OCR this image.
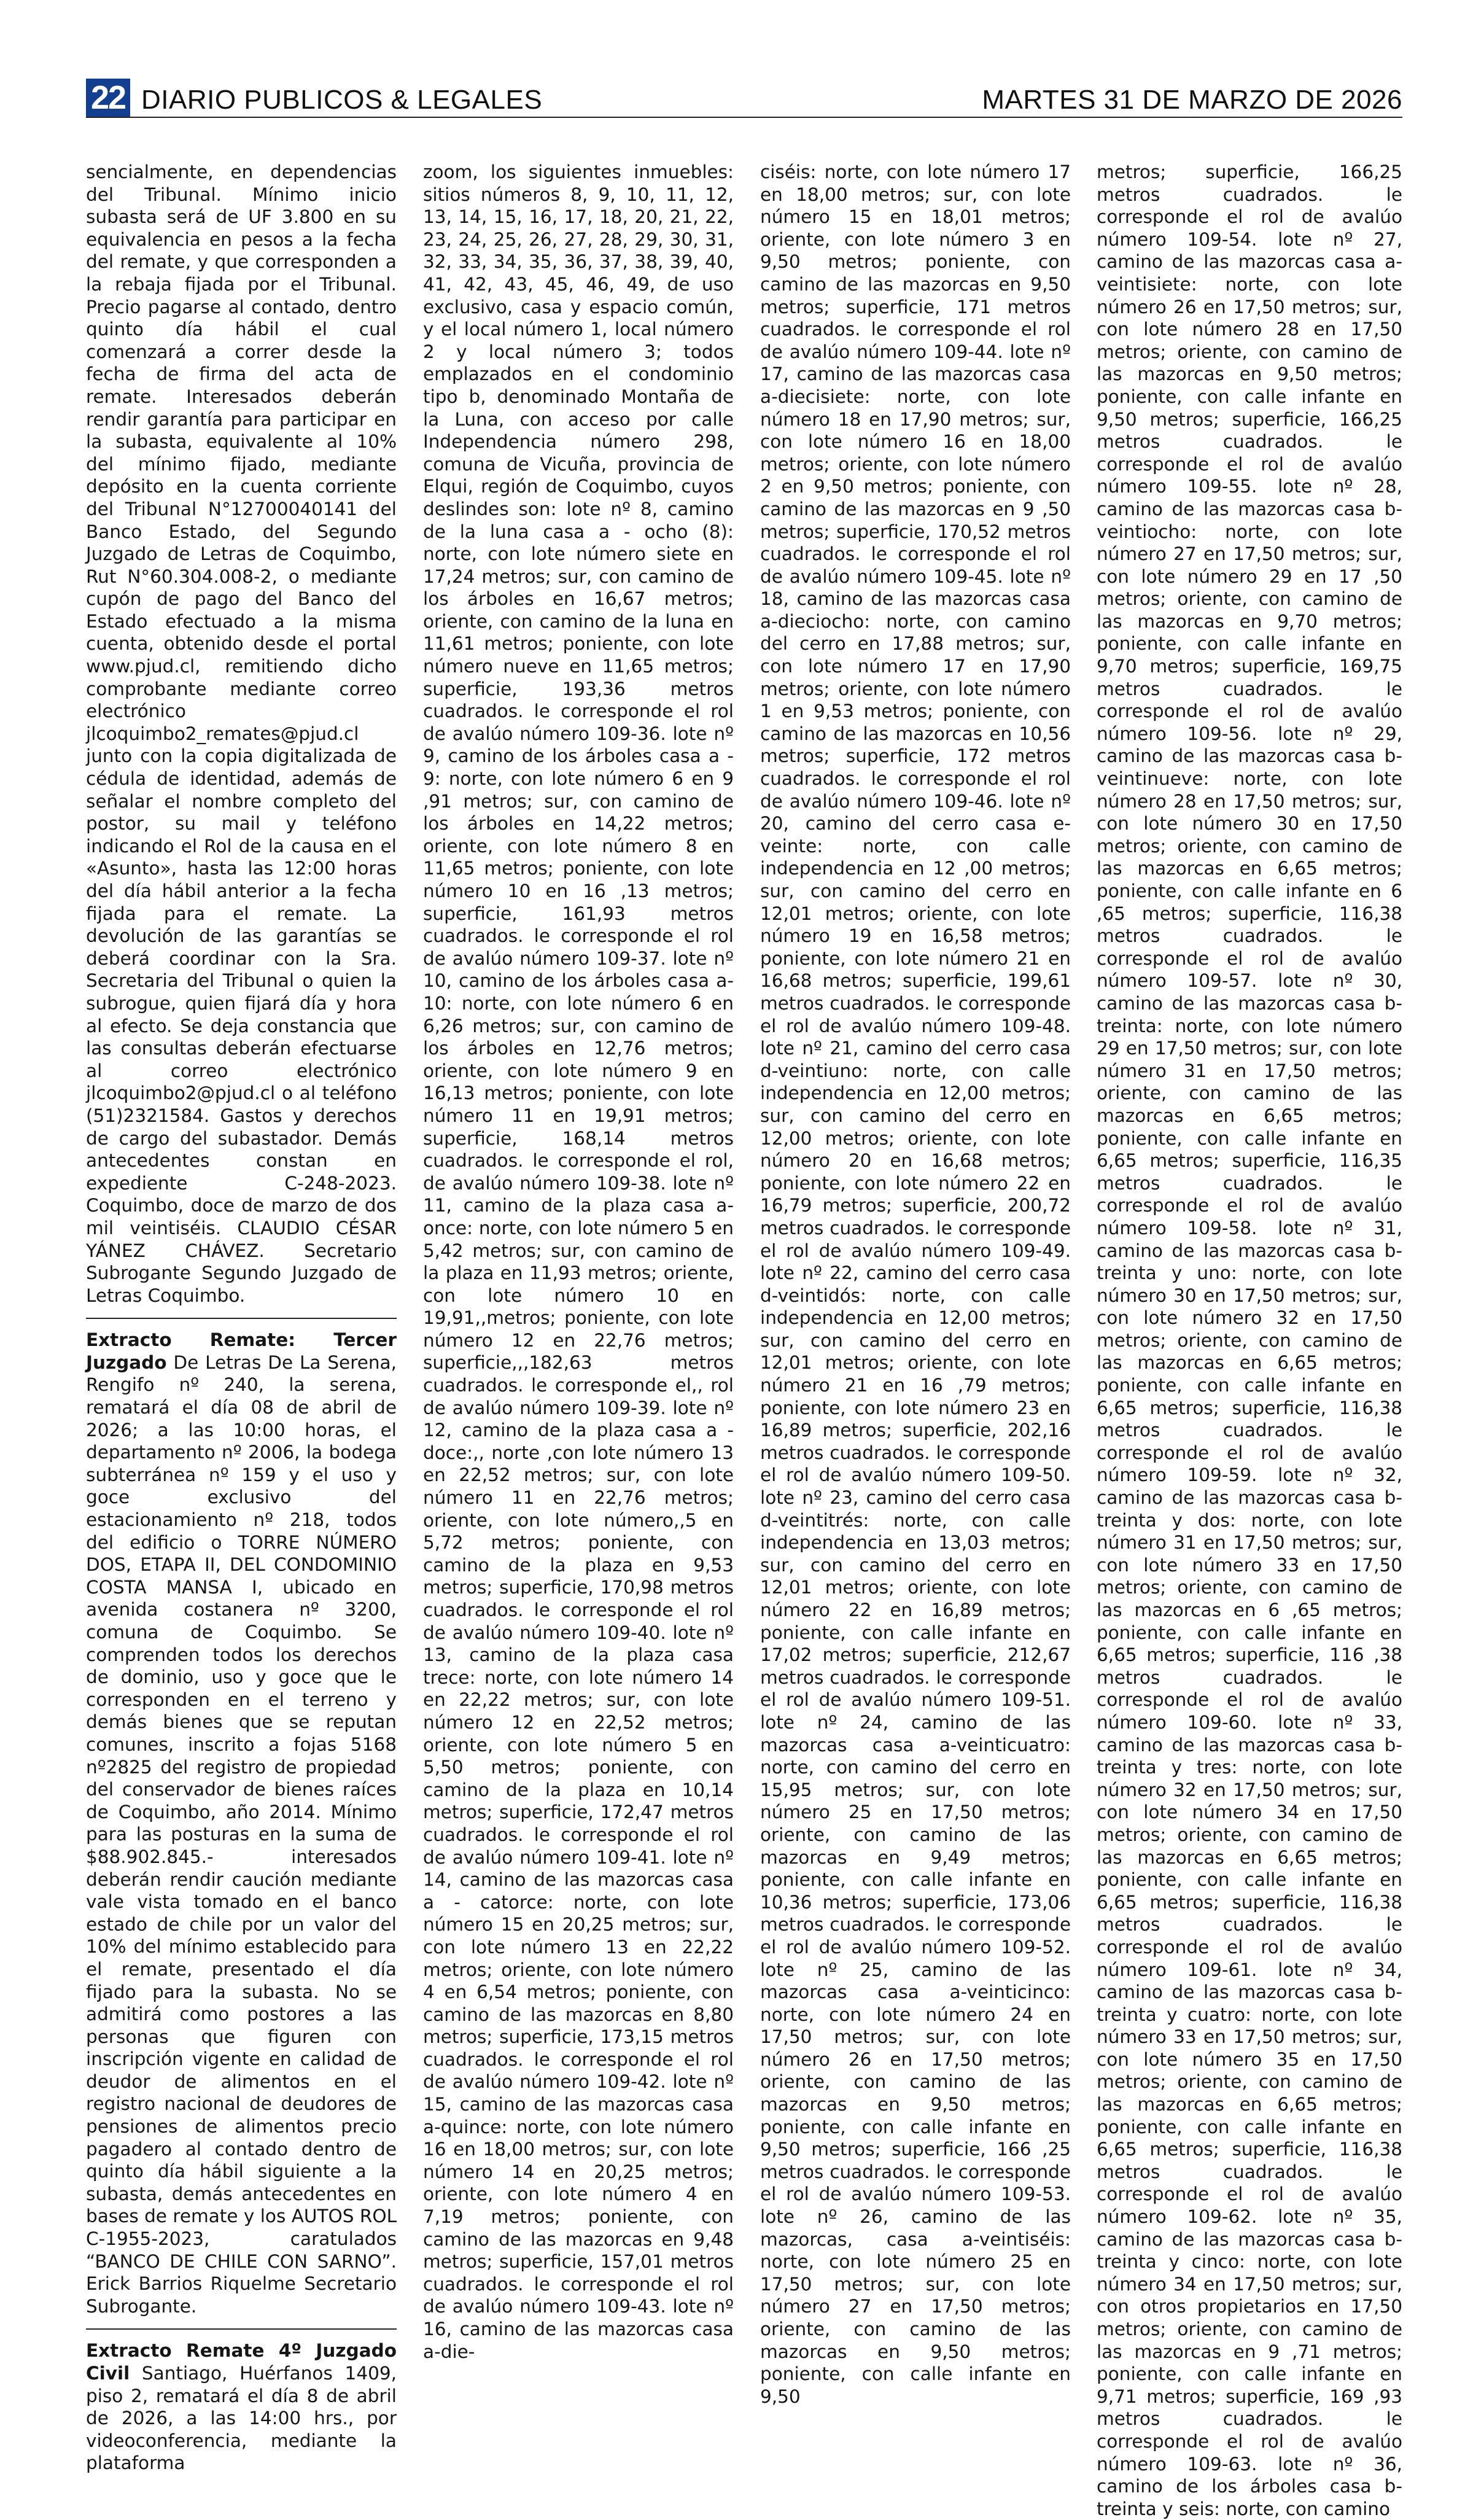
22 DIARIO PUBLICOS & LEGALES	MARTES 31 DE MARZO DE 2026

sencialmente, en dependencias del Tribunal. Mínimo inicio subasta será de UF 3.800 en su equivalencia en pesos a la fecha del remate, y que corresponden a la rebaja fijada por el Tribunal. Precio pagarse al contado, dentro quinto día hábil el cual comenzará a correr desde la fecha de firma del acta de remate. Interesados deberán rendir garantía para participar en la subasta, equivalente al 10% del mínimo fijado, mediante depósito en la cuenta corriente del Tribunal N°12700040141 del Banco Estado, del Segundo Juzgado de Letras de Coquimbo, Rut N°60.304.008-2, o mediante cupón de pago del Banco del Estado efectuado a la misma cuenta, obtenido desde el portal www.pjud.cl, remitiendo dicho comprobante mediante correo electrónico jlcoquimbo2_remates@pjud.cl junto con la copia digitalizada de cédula de identidad, además de señalar el nombre completo del postor, su mail y teléfono indicando el Rol de la causa en el «Asunto», hasta las 12:00 horas del día hábil anterior a la fecha fijada para el remate. La devolución de las garantías se deberá coordinar con la Sra. Secretaria del Tribunal o quien la subrogue, quien fijará día y hora al efecto. Se deja constancia que las consultas deberán efectuarse al correo electrónico jlcoquimbo2@pjud.cl o al teléfono (51)2321584. Gastos y derechos de cargo del subastador. Demás antecedentes constan en expediente C-248-2023. Coquimbo, doce de marzo de dos mil veintiséis. CLAUDIO CÉSAR YÁNEZ CHÁVEZ. Secretario Subrogante Segundo Juzgado de Letras Coquimbo.

Extracto Remate: Tercer Juzgado De Letras De La Serena, Rengifo nº 240, la serena, rematará el día 08 de abril de 2026; a las 10:00 horas, el departamento nº 2006, la bodega subterránea nº 159 y el uso y goce exclusivo del estacionamiento nº 218, todos del edificio o TORRE NÚMERO DOS, ETAPA II, DEL CONDOMINIO COSTA MANSA I, ubicado en avenida costanera nº 3200, comuna de Coquimbo. Se comprenden todos los derechos de dominio, uso y goce que le corresponden en el terreno y demás bienes que se reputan comunes, inscrito a fojas 5168 nº2825 del registro de propiedad del conservador de bienes raíces de Coquimbo, año 2014. Mínimo para las posturas en la suma de $88.902.845.- interesados deberán rendir caución mediante vale vista tomado en el banco estado de chile por un valor del 10% del mínimo establecido para el remate, presentado el día fijado para la subasta. No se admitirá como postores a las personas que figuren con inscripción vigente en calidad de deudor de alimentos en el registro nacional de deudores de pensiones de alimentos precio pagadero al contado dentro de quinto día hábil siguiente a la subasta, demás antecedentes en bases de remate y los AUTOS ROL C-1955-2023, caratulados “BANCO DE CHILE CON SARNO”. Erick Barrios Riquelme Secretario Subrogante.

Extracto Remate 4º Juzgado Civil Santiago, Huérfanos 1409, piso 2, rematará el día 8 de abril de 2026, a las 14:00 hrs., por videoconferencia, mediante la plataforma

zoom, los siguientes inmuebles: sitios números 8, 9, 10, 11, 12, 13, 14, 15, 16, 17, 18, 20, 21, 22, 23, 24, 25, 26, 27, 28, 29, 30, 31, 32, 33, 34, 35, 36, 37, 38, 39, 40, 41, 42, 43, 45, 46, 49, de uso exclusivo, casa y espacio común, y el local número 1, local número 2 y local número 3; todos emplazados en el condominio tipo b, denominado Montaña de la Luna, con acceso por calle Independencia número 298, comuna de Vicuña, provincia de Elqui, región de Coquimbo, cuyos deslindes son: lote nº 8, camino de la luna casa a - ocho (8): norte, con lote número siete en 17,24 metros; sur, con camino de los árboles en 16,67 metros; oriente, con camino de la luna en 11,61 metros; poniente, con lote número nueve en 11,65 metros; superficie, 193,36 metros cuadrados. le corresponde el rol de avalúo número 109-36. lote nº 9, camino de los árboles casa a - 9: norte, con lote número 6 en 9 ,91 metros; sur, con camino de los árboles en 14,22 metros; oriente, con lote número 8 en 11,65 metros; poniente, con lote número 10 en 16 ,13 metros; superficie, 161,93 metros cuadrados. le corresponde el rol de avalúo número 109-37. lote nº 10, camino de los árboles casa a-10: norte, con lote número 6 en 6,26 metros; sur, con camino de los árboles en 12,76 metros; oriente, con lote número 9 en 16,13 metros; poniente, con lote número 11 en 19,91 metros; superficie, 168,14 metros cuadrados. le corresponde el rol, de avalúo número 109-38. lote nº 11, camino de la plaza casa a-once: norte, con lote número 5 en 5,42 metros; sur, con camino de la plaza en 11,93 metros; oriente, con lote número 10 en 19,91,,metros; poniente, con lote número 12 en 22,76 metros; superficie,,,182,63 metros cuadrados. le corresponde el,, rol de avalúo número 109-39. lote nº 12, camino de la plaza casa a - doce:,, norte ,con lote número 13 en 22,52 metros; sur, con lote número 11 en 22,76 metros; oriente, con lote número,,5 en 5,72 metros; poniente, con camino de la plaza en 9,53 metros; superficie, 170,98 metros cuadrados. le corresponde el rol de avalúo número 109-40. lote nº 13, camino de la plaza casa trece: norte, con lote número 14 en 22,22 metros; sur, con lote número 12 en 22,52 metros; oriente, con lote número 5 en 5,50 metros; poniente, con camino de la plaza en 10,14 metros; superficie, 172,47 metros cuadrados. le corresponde el rol de avalúo número 109-41. lote nº 14, camino de las mazorcas casa a - catorce: norte, con lote número 15 en 20,25 metros; sur, con lote número 13 en 22,22 metros; oriente, con lote número 4 en 6,54 metros; poniente, con camino de las mazorcas en 8,80 metros; superficie, 173,15 metros cuadrados. le corresponde el rol de avalúo número 109-42. lote nº 15, camino de las mazorcas casa a-quince: norte, con lote número 16 en 18,00 metros; sur, con lote número 14 en 20,25 metros; oriente, con lote número 4 en 7,19 metros; poniente, con camino de las mazorcas en 9,48 metros; superficie, 157,01 metros cuadrados. le corresponde el rol de avalúo número 109-43. lote nº 16, camino de las mazorcas casa a-die-

ciséis: norte, con lote número 17 en 18,00 metros; sur, con lote número 15 en 18,01 metros; oriente, con lote número 3 en 9,50 metros; poniente, con camino de las mazorcas en 9,50 metros; superficie, 171 metros cuadrados. le corresponde el rol de avalúo número 109-44. lote nº 17, camino de las mazorcas casa a-diecisiete: norte, con lote número 18 en 17,90 metros; sur, con lote número 16 en 18,00 metros; oriente, con lote número 2 en 9,50 metros; poniente, con camino de las mazorcas en 9 ,50 metros; superficie, 170,52 metros cuadrados. le corresponde el rol de avalúo número 109-45. lote nº 18, camino de las mazorcas casa a-dieciocho: norte, con camino del cerro en 17,88 metros; sur, con lote número 17 en 17,90 metros; oriente, con lote número 1 en 9,53 metros; poniente, con camino de las mazorcas en 10,56 metros; superficie, 172 metros cuadrados. le corresponde el rol de avalúo número 109-46. lote nº 20, camino del cerro casa e-veinte: norte, con calle independencia en 12 ,00 metros; sur, con camino del cerro en 12,01 metros; oriente, con lote número 19 en 16,58 metros; poniente, con lote número 21 en 16,68 metros; superficie, 199,61 metros cuadrados. le corresponde el rol de avalúo número 109-48. lote nº 21, camino del cerro casa d-veintiuno: norte, con calle independencia en 12,00 metros; sur, con camino del cerro en 12,00 metros; oriente, con lote número 20 en 16,68 metros; poniente, con lote número 22 en 16,79 metros; superficie, 200,72 metros cuadrados. le corresponde el rol de avalúo número 109-49. lote nº 22, camino del cerro casa d-veintidós: norte, con calle independencia en 12,00 metros; sur, con camino del cerro en 12,01 metros; oriente, con lote número 21 en 16 ,79 metros; poniente, con lote número 23 en 16,89 metros; superficie, 202,16 metros cuadrados. le corresponde el rol de avalúo número 109-50. lote nº 23, camino del cerro casa d-veintitrés: norte, con calle independencia en 13,03 metros; sur, con camino del cerro en 12,01 metros; oriente, con lote número 22 en 16,89 metros; poniente, con calle infante en 17,02 metros; superficie, 212,67 metros cuadrados. le corresponde el rol de avalúo número 109-51. lote nº 24, camino de las mazorcas casa a-veinticuatro: norte, con camino del cerro en 15,95 metros; sur, con lote número 25 en 17,50 metros; oriente, con camino de las mazorcas en 9,49 metros; poniente, con calle infante en 10,36 metros; superficie, 173,06 metros cuadrados. le corresponde el rol de avalúo número 109-52. lote nº 25, camino de las mazorcas casa a-veinticinco: norte, con lote número 24 en 17,50 metros; sur, con lote número 26 en 17,50 metros; oriente, con camino de las mazorcas en 9,50 metros; poniente, con calle infante en 9,50 metros; superficie, 166 ,25 metros cuadrados. le corresponde el rol de avalúo número 109-53. lote nº 26, camino de las mazorcas, casa a-veintiséis: norte, con lote número 25 en 17,50 metros; sur, con lote número 27 en 17,50 metros; oriente, con camino de las mazorcas en 9,50 metros; poniente, con calle infante en 9,50

metros; superficie, 166,25 metros cuadrados. le corresponde el rol de avalúo número 109-54. lote nº 27, camino de las mazorcas casa a-veintisiete: norte, con lote número 26 en 17,50 metros; sur, con lote número 28 en 17,50 metros; oriente, con camino de las mazorcas en 9,50 metros; poniente, con calle infante en 9,50 metros; superficie, 166,25 metros cuadrados. le corresponde el rol de avalúo número 109-55. lote nº 28, camino de las mazorcas casa b-veintiocho: norte, con lote número 27 en 17,50 metros; sur, con lote número 29 en 17 ,50 metros; oriente, con camino de las mazorcas en 9,70 metros; poniente, con calle infante en 9,70 metros; superficie, 169,75 metros cuadrados. le corresponde el rol de avalúo número 109-56. lote nº 29, camino de las mazorcas casa b-veintinueve: norte, con lote número 28 en 17,50 metros; sur, con lote número 30 en 17,50 metros; oriente, con camino de las mazorcas en 6,65 metros; poniente, con calle infante en 6 ,65 metros; superficie, 116,38 metros cuadrados. le corresponde el rol de avalúo número 109-57. lote nº 30, camino de las mazorcas casa b-treinta: norte, con lote número 29 en 17,50 metros; sur, con lote número 31 en 17,50 metros; oriente, con camino de las mazorcas en 6,65 metros; poniente, con calle infante en 6,65 metros; superficie, 116,35 metros cuadrados. le corresponde el rol de avalúo número 109-58. lote nº 31, camino de las mazorcas casa b-treinta y uno: norte, con lote número 30 en 17,50 metros; sur, con lote número 32 en 17,50 metros; oriente, con camino de las mazorcas en 6,65 metros; poniente, con calle infante en 6,65 metros; superficie, 116,38 metros cuadrados. le corresponde el rol de avalúo número 109-59. lote nº 32, camino de las mazorcas casa b-treinta y dos: norte, con lote número 31 en 17,50 metros; sur, con lote número 33 en 17,50 metros; oriente, con camino de las mazorcas en 6 ,65 metros; poniente, con calle infante en 6,65 metros; superficie, 116 ,38 metros cuadrados. le corresponde el rol de avalúo número 109-60. lote nº 33, camino de las mazorcas casa b-treinta y tres: norte, con lote número 32 en 17,50 metros; sur, con lote número 34 en 17,50 metros; oriente, con camino de las mazorcas en 6,65 metros; poniente, con calle infante en 6,65 metros; superficie, 116,38 metros cuadrados. le corresponde el rol de avalúo número 109-61. lote nº 34, camino de las mazorcas casa b-treinta y cuatro: norte, con lote número 33 en 17,50 metros; sur, con lote número 35 en 17,50 metros; oriente, con camino de las mazorcas en 6,65 metros; poniente, con calle infante en 6,65 metros; superficie, 116,38 metros cuadrados. le corresponde el rol de avalúo número 109-62. lote nº 35, camino de las mazorcas casa b-treinta y cinco: norte, con lote número 34 en 17,50 metros; sur, con otros propietarios en 17,50 metros; oriente, con camino de las mazorcas en 9 ,71 metros; poniente, con calle infante en 9,71 metros; superficie, 169 ,93 metros cuadrados. le corresponde el rol de avalúo número 109-63. lote nº 36, camino de los árboles casa b-treinta y seis: norte, con camino
